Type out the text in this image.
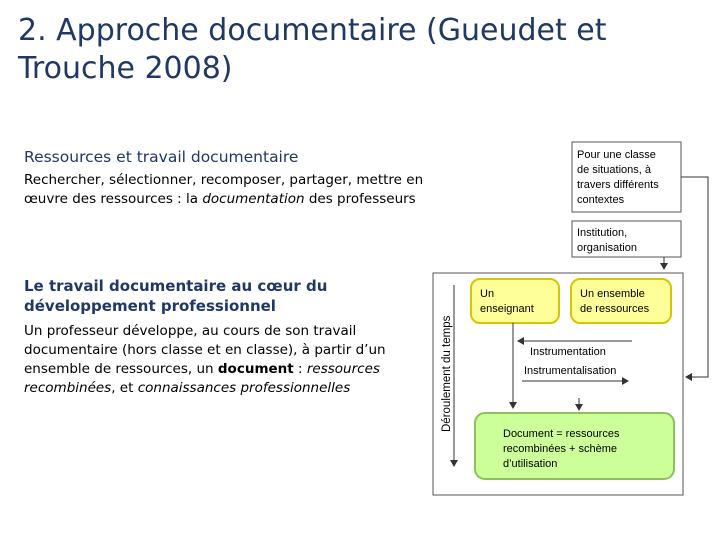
2. Approche documentaire (Gueudet et Trouche 2008)
Ressources et travail documentaire

Rechercher, sélectionner, recomposer, partager, mettre en œuvre des ressources : la documentation des professeurs

Le travail documentaire au cœur du développement professionnel

Un professeur développe, au cours de son travail documentaire (hors classe et en classe), à partir d’un ensemble de ressources, un document : ressources recombinées, et connaissances professionnelles

Pour une classe
de situations, à
travers différents
contextes
Institution,
organisation
Déroulement du temps
Un
enseignant
Un ensemble
de ressources
Instrumentation
Instrumentalisation
Document = ressources
recombinées + schème
d’utilisation
